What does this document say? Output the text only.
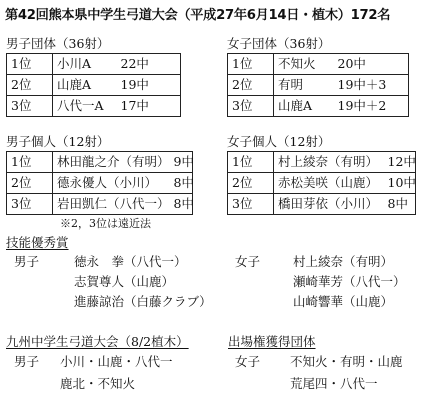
第42回熊本県中学生弓道大会（平成27年6月14日・植木）172名
男子団体（36射）
1位	小川A 22中

2位	山鹿A 19中

3位	八代一A 17中
女子団体（36射）
1位	不知火 20中

2位	有明 19中＋3

3位	山鹿A 19中＋2
男子個人（12射）
1位	林田龍之介（有明） 9中

2位	德永優人（小川） 8中

3位	岩田凱仁（八代一） 8中
※2，3位は遠近法
女子個人（12射）
1位	村上綾奈（有明） 12中

2位	赤松美咲（山鹿） 10中

3位	橋田芽依（小川） 8中
技能優秀賞
男子	徳永　拳（八代一）
志賀尊人（山鹿）
進藤諒治（白藤クラブ）
女子	村上綾奈（有明）
瀬崎華芳（八代一）
山崎響華（山鹿）
九州中学生弓道大会（8/2植木）	出場権獲得団体
男子 小川・山鹿・八代一
鹿北・不知火
女子 不知火・有明・山鹿
荒尾四・八代一
